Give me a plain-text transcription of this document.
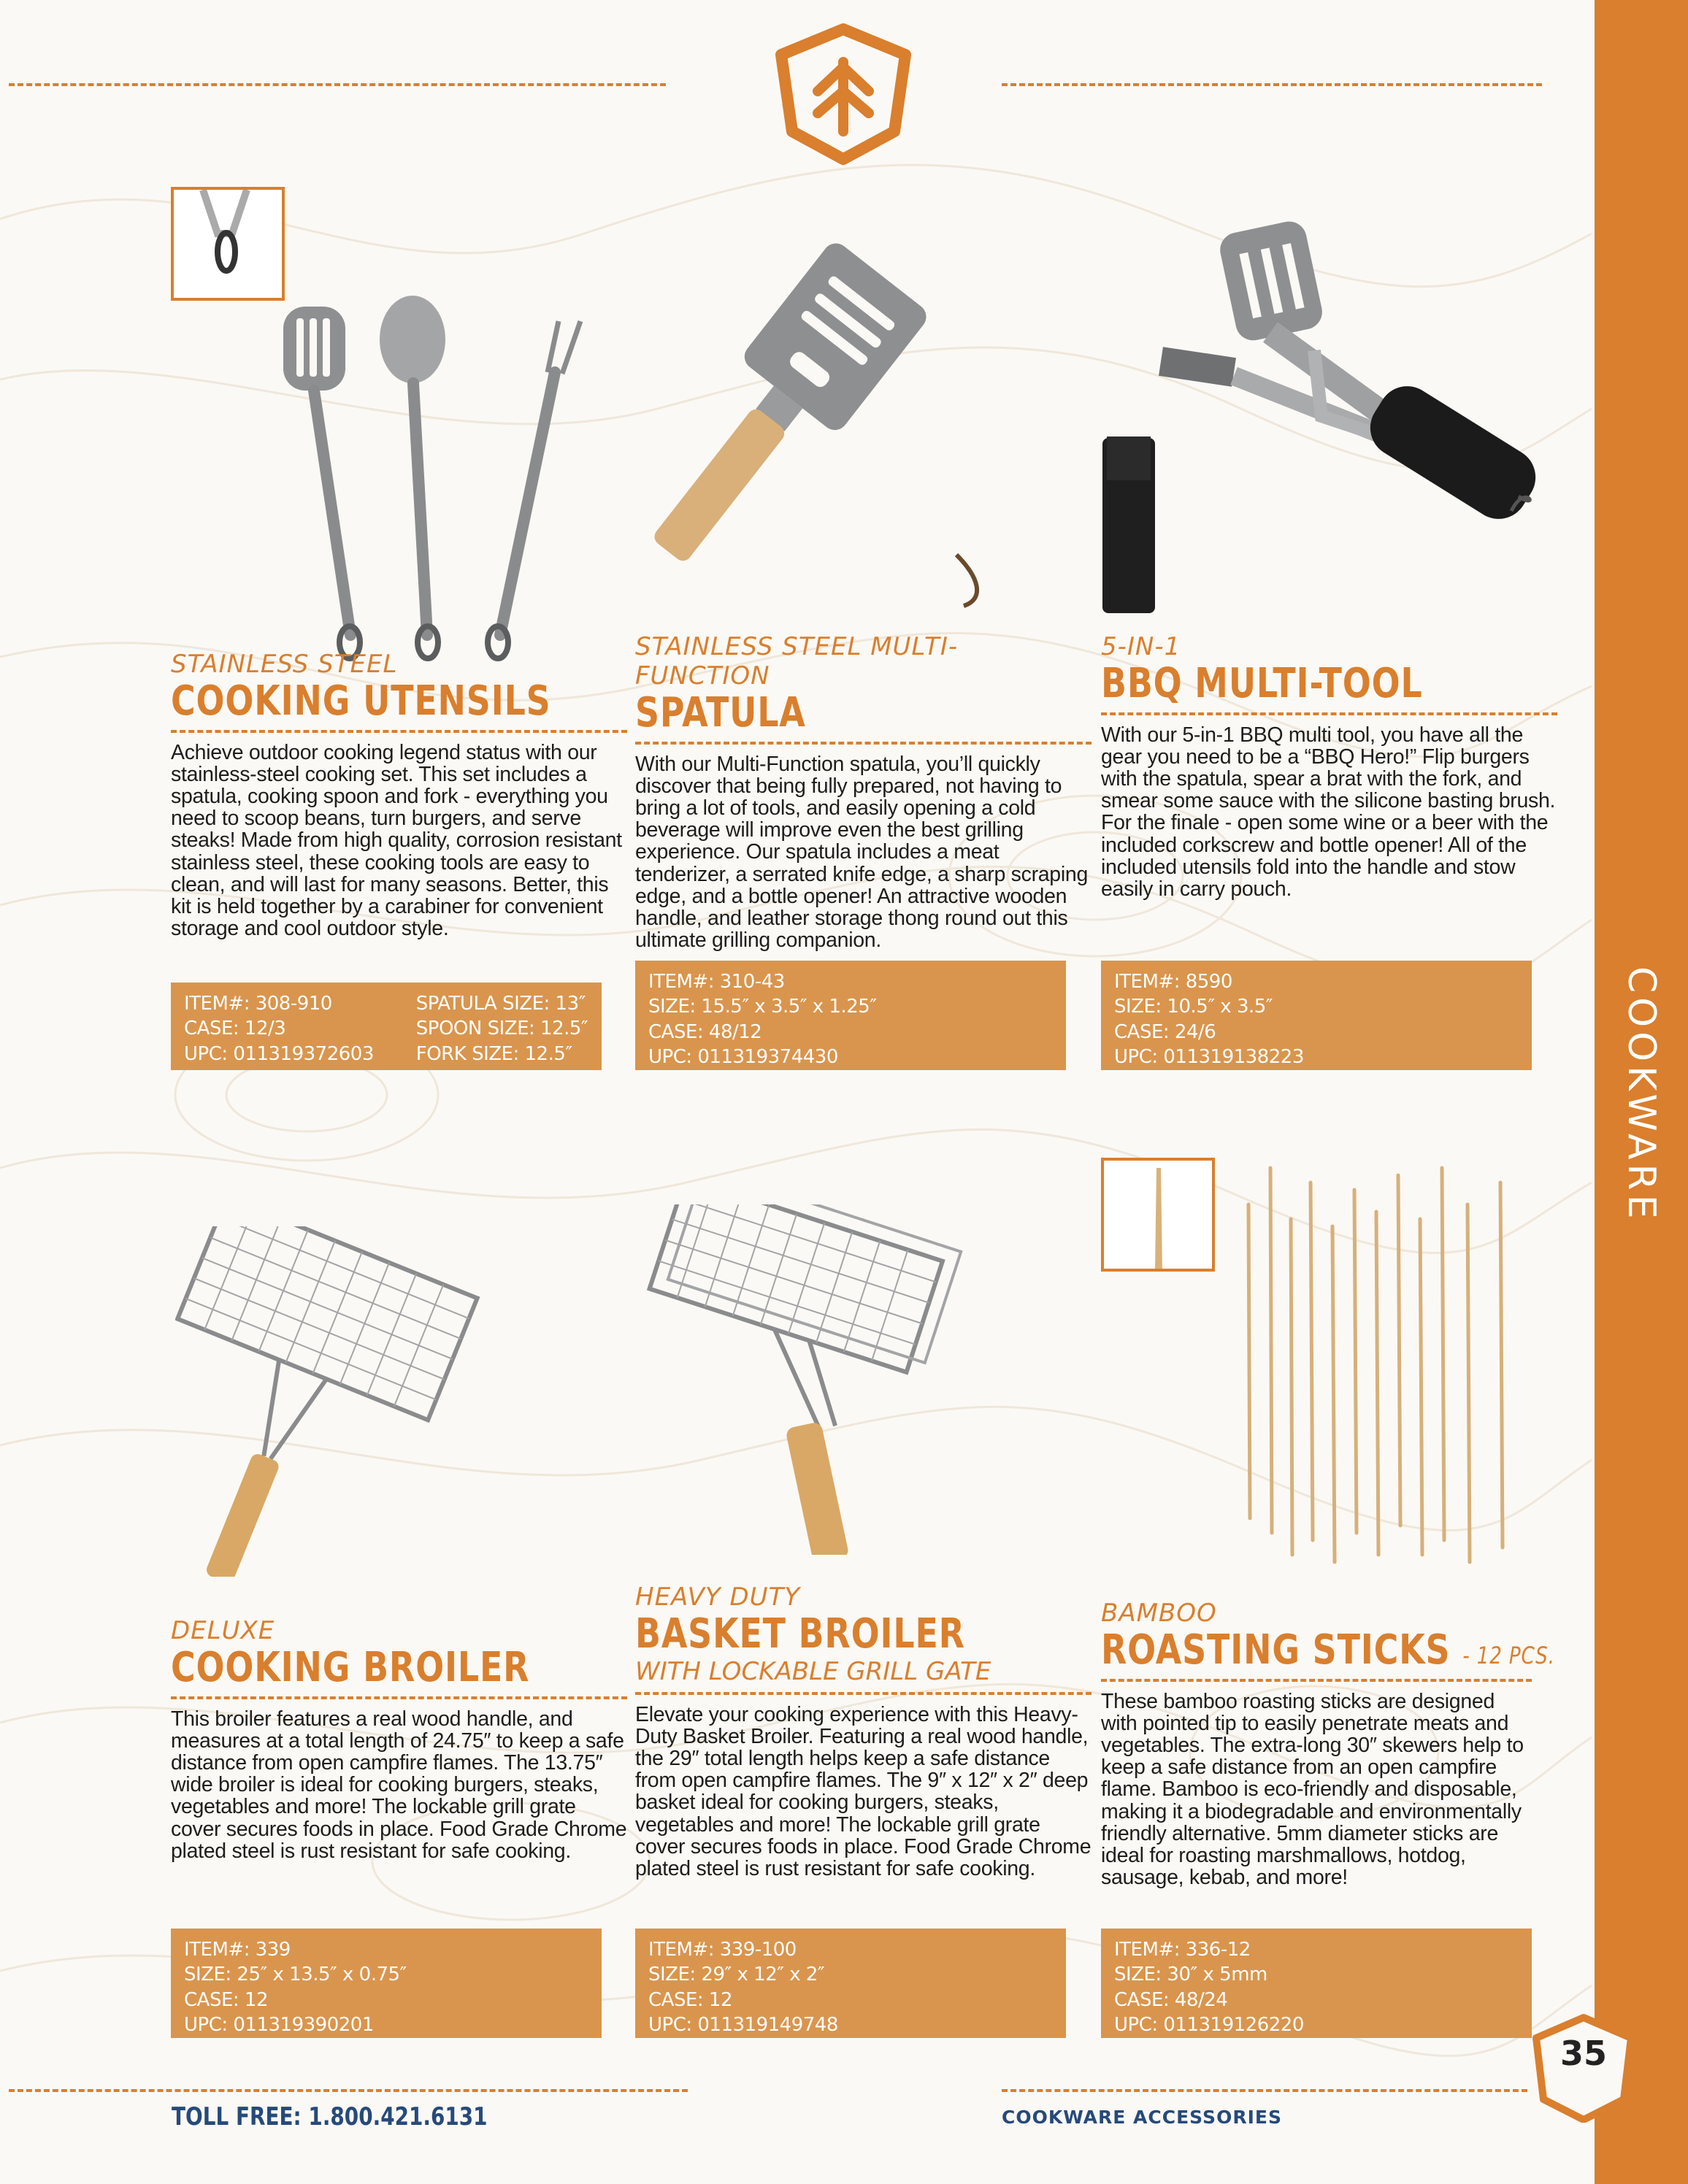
COOKWARE
STAINLESS STEEL
COOKING UTENSILS
Achieve outdoor cooking legend status with our stainless-steel cooking set. This set includes a spatula, cooking spoon and fork - everything you need to scoop beans, turn burgers, and serve steaks! Made from high quality, corrosion resistant stainless steel, these cooking tools are easy to clean, and will last for many seasons. Better, this kit is held together by a carabiner for convenient storage and cool outdoor style.
ITEM#: 308-910
CASE: 12/3
UPC: 011319372603

SPATULA SIZE: 13″
SPOON SIZE: 12.5″
FORK SIZE: 12.5″
STAINLESS STEEL MULTI-FUNCTION
SPATULA
With our Multi-Function spatula, you’ll quickly discover that being fully prepared, not having to bring a lot of tools, and easily opening a cold beverage will improve even the best grilling experience. Our spatula includes a meat tenderizer, a serrated knife edge, a sharp scraping edge, and a bottle opener! An attractive wooden handle, and leather storage thong round out this ultimate grilling companion.
ITEM#: 310-43
SIZE: 15.5″ x 3.5″ x 1.25″
CASE: 48/12
UPC: 011319374430
5-IN-1
BBQ MULTI-TOOL
With our 5-in-1 BBQ multi tool, you have all the gear you need to be a “BBQ Hero!” Flip burgers with the spatula, spear a brat with the fork, and smear some sauce with the silicone basting brush. For the finale - open some wine or a beer with the included corkscrew and bottle opener! All of the included utensils fold into the handle and stow easily in carry pouch.
ITEM#: 8590
SIZE: 10.5″ x 3.5″
CASE: 24/6
UPC: 011319138223
DELUXE
COOKING BROILER
This broiler features a real wood handle, and measures at a total length of 24.75″ to keep a safe distance from open campfire flames. The 13.75″ wide broiler is ideal for cooking burgers, steaks, vegetables and more! The lockable grill grate cover secures foods in place. Food Grade Chrome plated steel is rust resistant for safe cooking.
ITEM#: 339
SIZE: 25″ x 13.5″ x 0.75″
CASE: 12
UPC: 011319390201
HEAVY DUTY
BASKET BROILER
WITH LOCKABLE GRILL GATE
Elevate your cooking experience with this Heavy-Duty Basket Broiler. Featuring a real wood handle, the 29″ total length helps keep a safe distance from open campfire flames. The 9″ x 12″ x 2″ deep basket ideal for cooking burgers, steaks, vegetables and more! The lockable grill grate cover secures foods in place. Food Grade Chrome plated steel is rust resistant for safe cooking.
ITEM#: 339-100
SIZE: 29″ x 12″ x 2″
CASE: 12
UPC: 011319149748
BAMBOO
ROASTING STICKS - 12 PCS.
These bamboo roasting sticks are designed with pointed tip to easily penetrate meats and vegetables. The extra-long 30″ skewers help to keep a safe distance from an open campfire flame. Bamboo is eco-friendly and disposable, making it a biodegradable and environmentally friendly alternative. 5mm diameter sticks are ideal for roasting marshmallows, hotdog, sausage, kebab, and more!
ITEM#: 336-12
SIZE: 30″ x 5mm
CASE: 48/24
UPC: 011319126220
TOLL FREE: 1.800.421.6131	COOKWARE ACCESSORIES
35
